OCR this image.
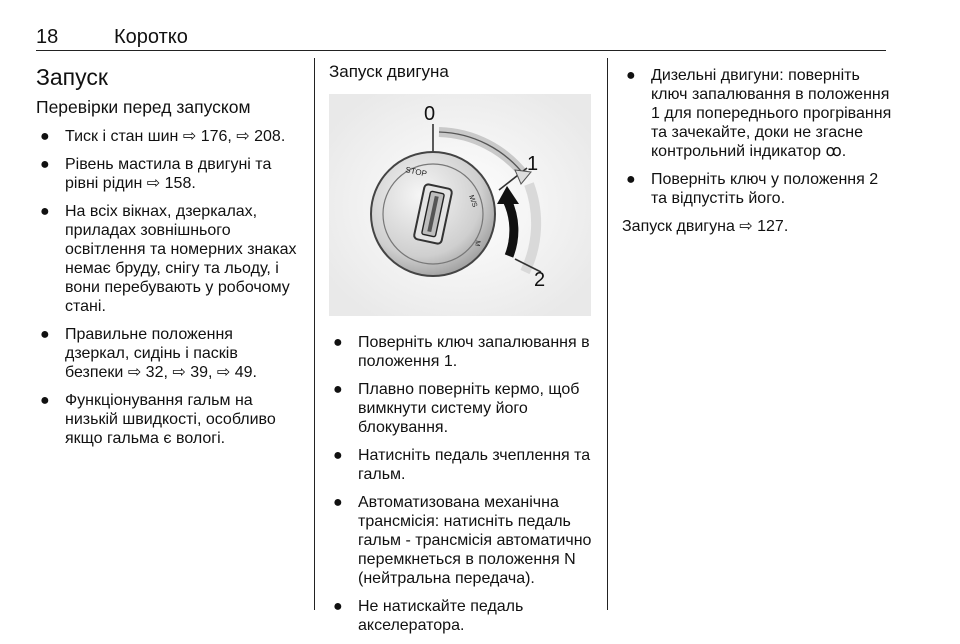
18	Коротко
Запуск
Перевірки перед запуском
● Тиск і стан шин ⇨ 176, ⇨ 208.
● Рівень мастила в двигуні та рівні рідин ⇨ 158.
● На всіх вікнах, дзеркалах, приладах зовнішнього освітлення та номерних знаках немає бруду, снігу та льоду, і вони перебувають у робочому стані.
● Правильне положення дзеркал, сидінь і пасків безпеки ⇨ 32, ⇨ 39, ⇨ 49.
● Функціонування гальм на низькій швидкості, особливо якщо гальма є вологі.
Запуск двигуна
0
1
2
STOP
M/S
M
● Поверніть ключ запалювання в положення 1.
● Плавно поверніть кермо, щоб вимкнути систему його блокування.
● Натисніть педаль зчеплення та гальм.
● Автоматизована механічна трансмісія: натисніть педаль гальм - трансмісія автоматично перемкнеться в положення N (нейтральна передача).
● Не натискайте педаль акселератора.
● Дизельні двигуни: поверніть ключ запалювання в положення 1 для попереднього прогрівання та зачекайте, доки не згасне контрольний індикатор ꝏ.
● Поверніть ключ у положення 2 та відпустіть його.

Запуск двигуна ⇨ 127.
